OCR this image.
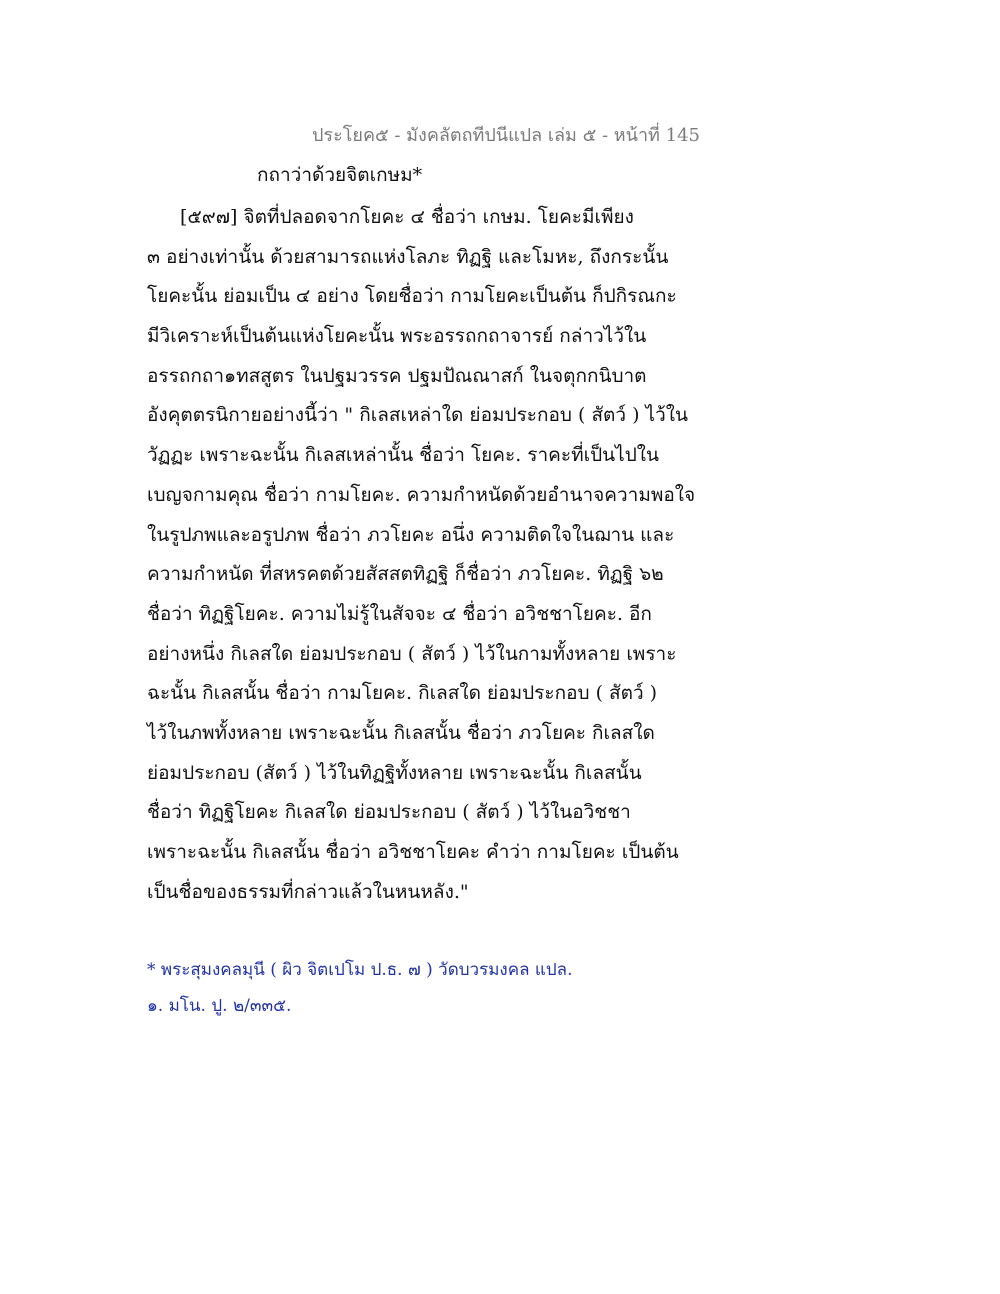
ประโยค๕ - มังคลัตถทีปนีแปล เล่ม ๕ - หน้าที่ 145
กถาว่าด้วยจิตเกษม*
[๕๙๗] จิตที่ปลอดจากโยคะ ๔ ชื่อว่า เกษม. โยคะมีเพียง
๓ อย่างเท่านั้น ด้วยสามารถแห่งโลภะ ทิฏฐิ และโมหะ, ถึงกระนั้น
โยคะนั้น ย่อมเป็น ๔ อย่าง โดยชื่อว่า กามโยคะเป็นต้น ก็ปกิรณกะ
มีวิเคราะห์เป็นต้นแห่งโยคะนั้น พระอรรถกถาจารย์ กล่าวไว้ใน
อรรถกถา๑ทสสูตร ในปฐมวรรค ปฐมปัณณาสก์ ในจตุกกนิบาต
อังคุตตรนิกายอย่างนี้ว่า " กิเลสเหล่าใด ย่อมประกอบ ( สัตว์ ) ไว้ใน
วัฏฏะ เพราะฉะนั้น กิเลสเหล่านั้น ชื่อว่า โยคะ. ราคะที่เป็นไปใน
เบญจกามคุณ ชื่อว่า กามโยคะ. ความกำหนัดด้วยอำนาจความพอใจ
ในรูปภพและอรูปภพ ชื่อว่า ภวโยคะ อนึ่ง ความติดใจในฌาน และ
ความกำหนัด ที่สหรคตด้วยสัสสตทิฏฐิ ก็ชื่อว่า ภวโยคะ. ทิฏฐิ ๖๒
ชื่อว่า ทิฏฐิโยคะ. ความไม่รู้ในสัจจะ ๔ ชื่อว่า อวิชชาโยคะ. อีก
อย่างหนึ่ง กิเลสใด ย่อมประกอบ ( สัตว์ ) ไว้ในกามทั้งหลาย เพราะ
ฉะนั้น กิเลสนั้น ชื่อว่า กามโยคะ. กิเลสใด ย่อมประกอบ ( สัตว์ )
ไว้ในภพทั้งหลาย เพราะฉะนั้น กิเลสนั้น ชื่อว่า ภวโยคะ กิเลสใด
ย่อมประกอบ (สัตว์ ) ไว้ในทิฏฐิทั้งหลาย เพราะฉะนั้น กิเลสนั้น
ชื่อว่า ทิฏฐิโยคะ กิเลสใด ย่อมประกอบ ( สัตว์ ) ไว้ในอวิชชา
เพราะฉะนั้น กิเลสนั้น ชื่อว่า อวิชชาโยคะ คำว่า กามโยคะ เป็นต้น
เป็นชื่อของธรรมที่กล่าวแล้วในหนหลัง."
* พระสุมงคลมุนี ( ผิว จิตเปโม ป.ธ. ๗ ) วัดบวรมงคล แปล.
๑. มโน. ปู. ๒/๓๓๕.
